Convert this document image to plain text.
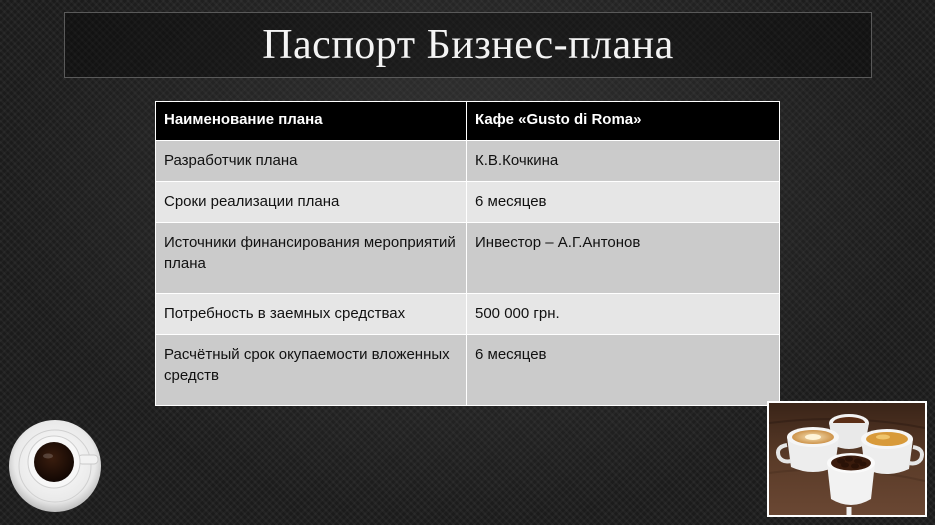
Паспорт Бизнес-плана
Наименование плана	Кафе «Gusto di Roma»
Разработчик плана	К.В.Кочкина
Сроки реализации плана	6 месяцев
Источники финансирования мероприятий плана	Инвестор – А.Г.Антонов
Потребность в заемных средствах	500 000 грн.
Расчётный срок окупаемости вложенных средств	6 месяцев
